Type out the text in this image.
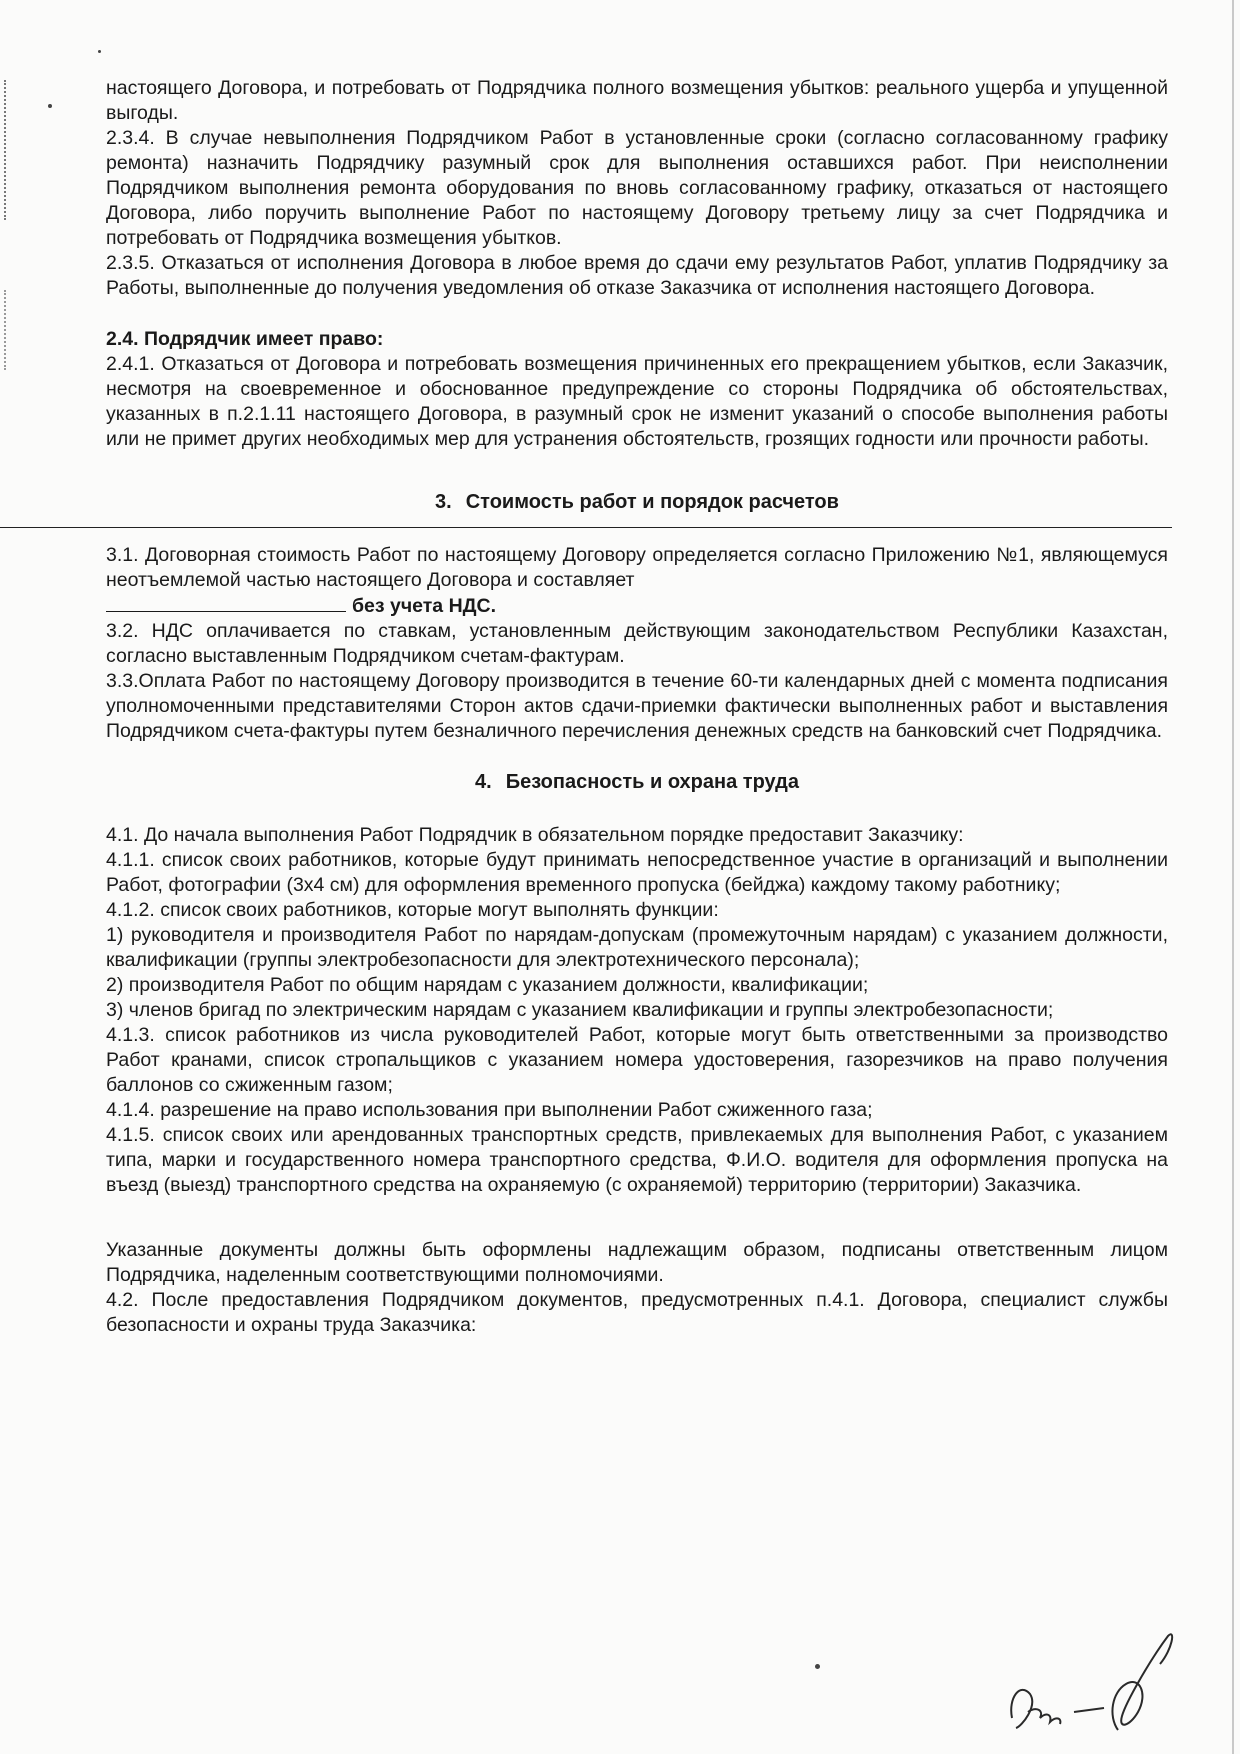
настоящего Договора, и потребовать от Подрядчика полного возмещения убытков: реального ущерба и упущенной выгоды.

2.3.4. В случае невыполнения Подрядчиком Работ в установленные сроки (согласно согласованному графику ремонта) назначить Подрядчику разумный срок для выполнения оставшихся работ. При неисполнении Подрядчиком выполнения ремонта оборудования по вновь согласованному графику, отказаться от настоящего Договора, либо поручить выполнение Работ по настоящему Договору третьему лицу за счет Подрядчика и потребовать от Подрядчика возмещения убытков.

2.3.5. Отказаться от исполнения Договора в любое время до сдачи ему результатов Работ, уплатив Подрядчику за Работы, выполненные до получения уведомления об отказе Заказчика от исполнения настоящего Договора.

2.4. Подрядчик имеет право:

2.4.1. Отказаться от Договора и потребовать возмещения причиненных его прекращением убытков, если Заказчик, несмотря на своевременное и обоснованное предупреждение со стороны Подрядчика об обстоятельствах, указанных в п.2.1.11 настоящего Договора, в разумный срок не изменит указаний о способе выполнения работы или не примет других необходимых мер для устранения обстоятельств, грозящих годности или прочности работы.

3. Стоимость работ и порядок расчетов

3.1. Договорная стоимость Работ по настоящему Договору определяется согласно Приложению №1, являющемуся неотъемлемой частью настоящего Договора и составляет

без учета НДС.

3.2. НДС оплачивается по ставкам, установленным действующим законодательством Республики Казахстан, согласно выставленным Подрядчиком счетам-фактурам.

3.3.Оплата Работ по настоящему Договору производится в течение 60-ти календарных дней с момента подписания уполномоченными представителями Сторон актов сдачи-приемки фактически выполненных работ и выставления Подрядчиком счета-фактуры путем безналичного перечисления денежных средств на банковский счет Подрядчика.

4. Безопасность и охрана труда

4.1. До начала выполнения Работ Подрядчик в обязательном порядке предоставит Заказчику:

4.1.1. список своих работников, которые будут принимать непосредственное участие в организаций и выполнении Работ, фотографии (3х4 см) для оформления временного пропуска (бейджа) каждому такому работнику;

4.1.2. список своих работников, которые могут выполнять функции:

1) руководителя и производителя Работ по нарядам-допускам (промежуточным нарядам) с указанием должности, квалификации (группы электробезопасности для электротехнического персонала);

2) производителя Работ по общим нарядам с указанием должности, квалификации;

3) членов бригад по электрическим нарядам с указанием квалификации и группы электробезопасности;

4.1.3. список работников из числа руководителей Работ, которые могут быть ответственными за производство Работ кранами, список стропальщиков с указанием номера удостоверения, газорезчиков на право получения баллонов со сжиженным газом;

4.1.4. разрешение на право использования при выполнении Работ сжиженного газа;

4.1.5. список своих или арендованных транспортных средств, привлекаемых для выполнения Работ, с указанием типа, марки и государственного номера транспортного средства, Ф.И.О. водителя для оформления пропуска на въезд (выезд) транспортного средства на охраняемую (с охраняемой) территорию (территории) Заказчика.

Указанные документы должны быть оформлены надлежащим образом, подписаны ответственным лицом Подрядчика, наделенным соответствующими полномочиями.

4.2. После предоставления Подрядчиком документов, предусмотренных п.4.1. Договора, специалист службы безопасности и охраны труда Заказчика:
